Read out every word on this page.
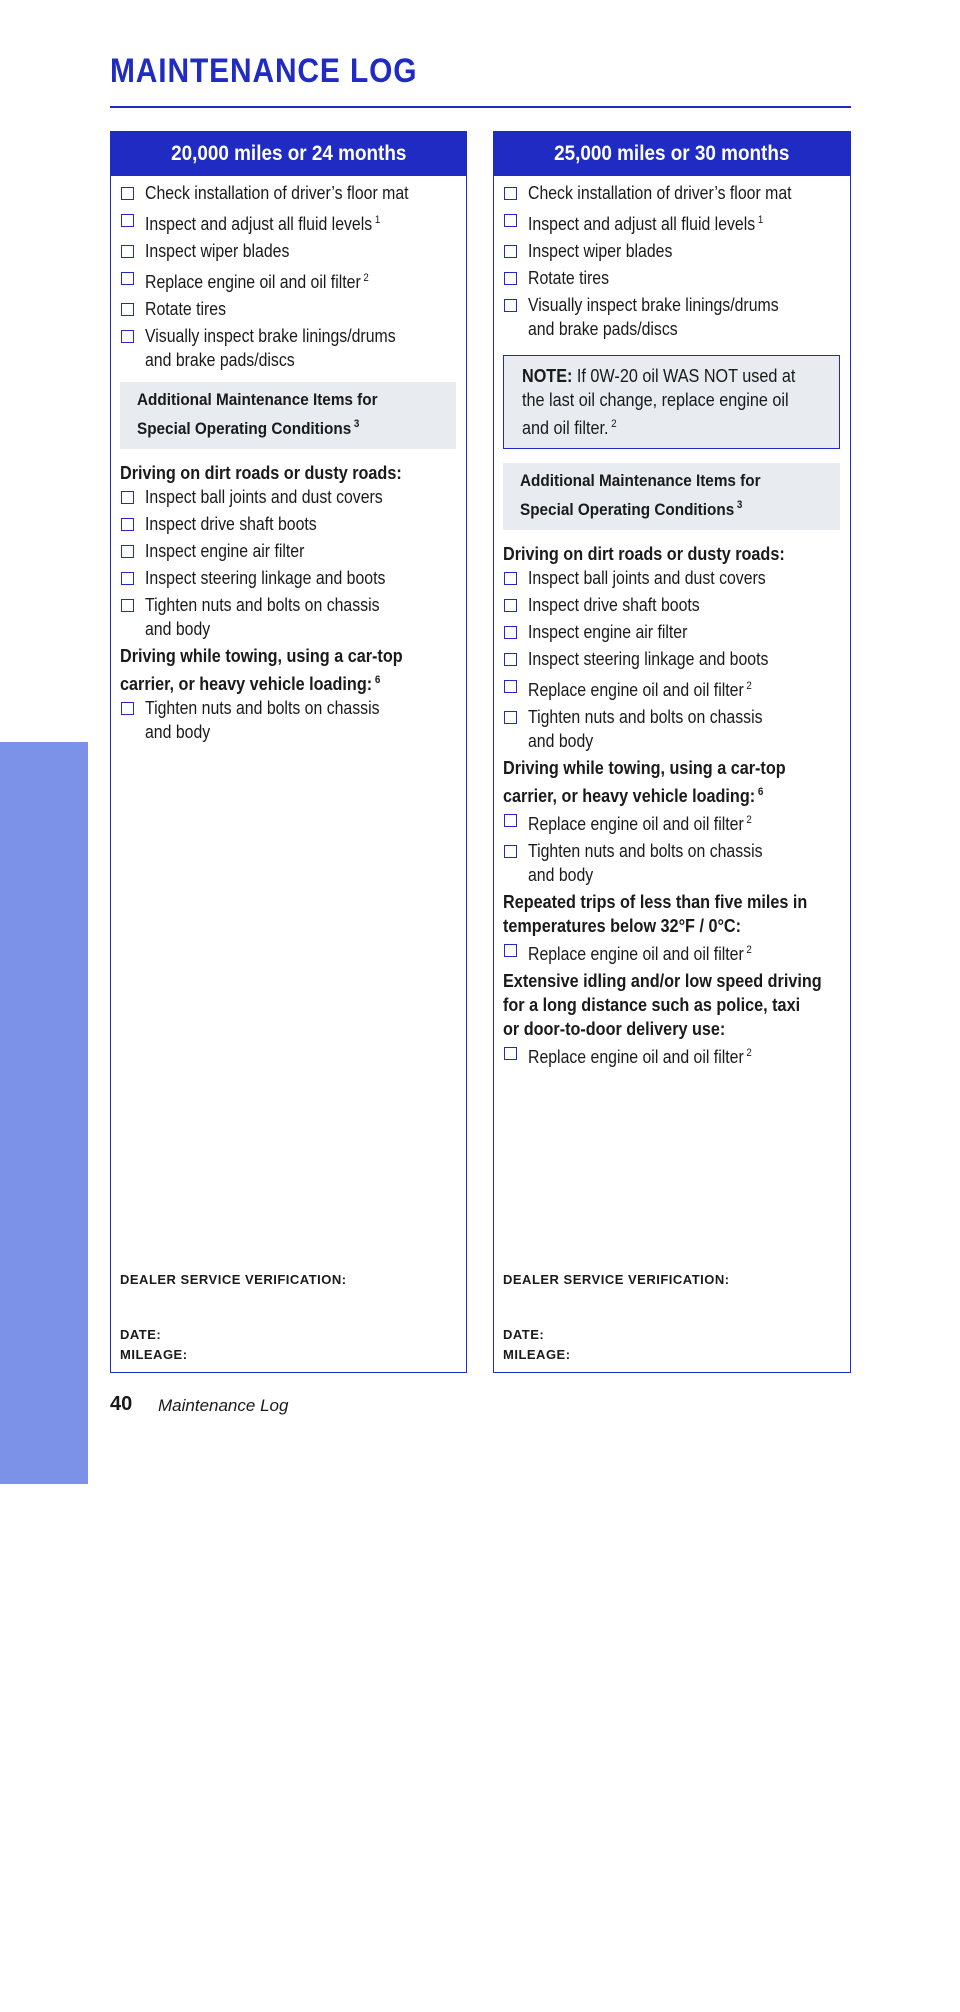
MAINTENANCE LOG
MAINTENANCE
20,000 miles or 24 months
Check installation of driver’s floor mat
Inspect and adjust all fluid levels $^1$
Inspect wiper blades
Replace engine oil and oil filter $^2$
Rotate tires
Visually inspect brake linings/drums
and brake pads/discs
Additional Maintenance Items for
Special Operating Conditions $^3$
Driving on dirt roads or dusty roads:
Inspect ball joints and dust covers
Inspect drive shaft boots
Inspect engine air filter
Inspect steering linkage and boots
Tighten nuts and bolts on chassis
and body
Driving while towing, using a car-top
carrier, or heavy vehicle loading: $^6$
Tighten nuts and bolts on chassis
and body
DEALER SERVICE VERIFICATION:
DATE:
MILEAGE:
25,000 miles or 30 months
Check installation of driver’s floor mat
Inspect and adjust all fluid levels $^1$
Inspect wiper blades
Rotate tires
Visually inspect brake linings/drums
and brake pads/discs
NOTE: If 0W-20 oil WAS NOT used at
the last oil change, replace engine oil
and oil filter. $^2$
Additional Maintenance Items for
Special Operating Conditions $^3$
Driving on dirt roads or dusty roads:
Inspect ball joints and dust covers
Inspect drive shaft boots
Inspect engine air filter
Inspect steering linkage and boots
Replace engine oil and oil filter $^2$
Tighten nuts and bolts on chassis
and body
Driving while towing, using a car-top
carrier, or heavy vehicle loading: $^6$
Replace engine oil and oil filter $^2$
Tighten nuts and bolts on chassis
and body
Repeated trips of less than five miles in
temperatures below 32°F / 0°C:
Replace engine oil and oil filter $^2$
Extensive idling and/or low speed driving
for a long distance such as police, taxi
or door-to-door delivery use:
Replace engine oil and oil filter $^2$
DEALER SERVICE VERIFICATION:
DATE:
MILEAGE:
40 Maintenance Log
